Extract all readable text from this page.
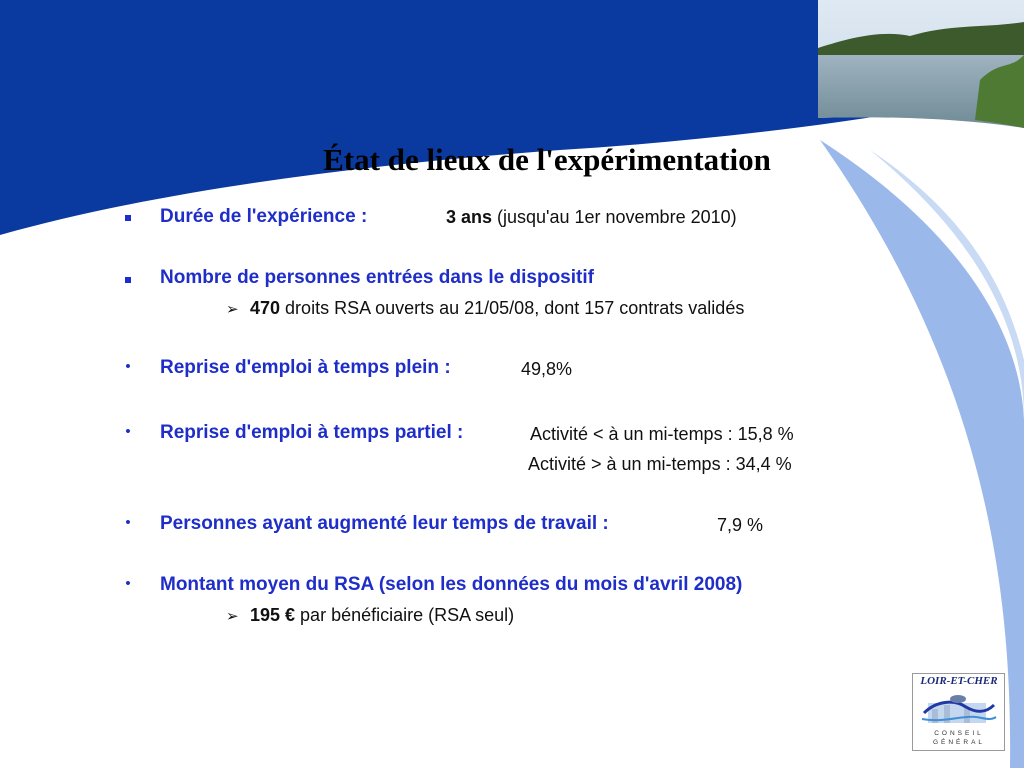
État de lieux de l'expérimentation
Durée de l'expérience :	3 ans (jusqu'au 1er novembre 2010)
Nombre de personnes entrées dans le dispositif
➢ 470 droits RSA ouverts au 21/05/08, dont 157 contrats validés
•	Reprise d'emploi à temps plein :	49,8%
•	Reprise d'emploi à temps partiel :	Activité < à un mi-temps : 15,8 %
Activité > à un mi-temps : 34,4 %
•	Personnes ayant augmenté leur temps de travail :	7,9 %
•	Montant moyen du RSA (selon les données du mois d'avril 2008)
➢ 195 € par bénéficiaire (RSA seul)
LOIR-ET-CHER
CONSEIL
GÉNÉRAL
